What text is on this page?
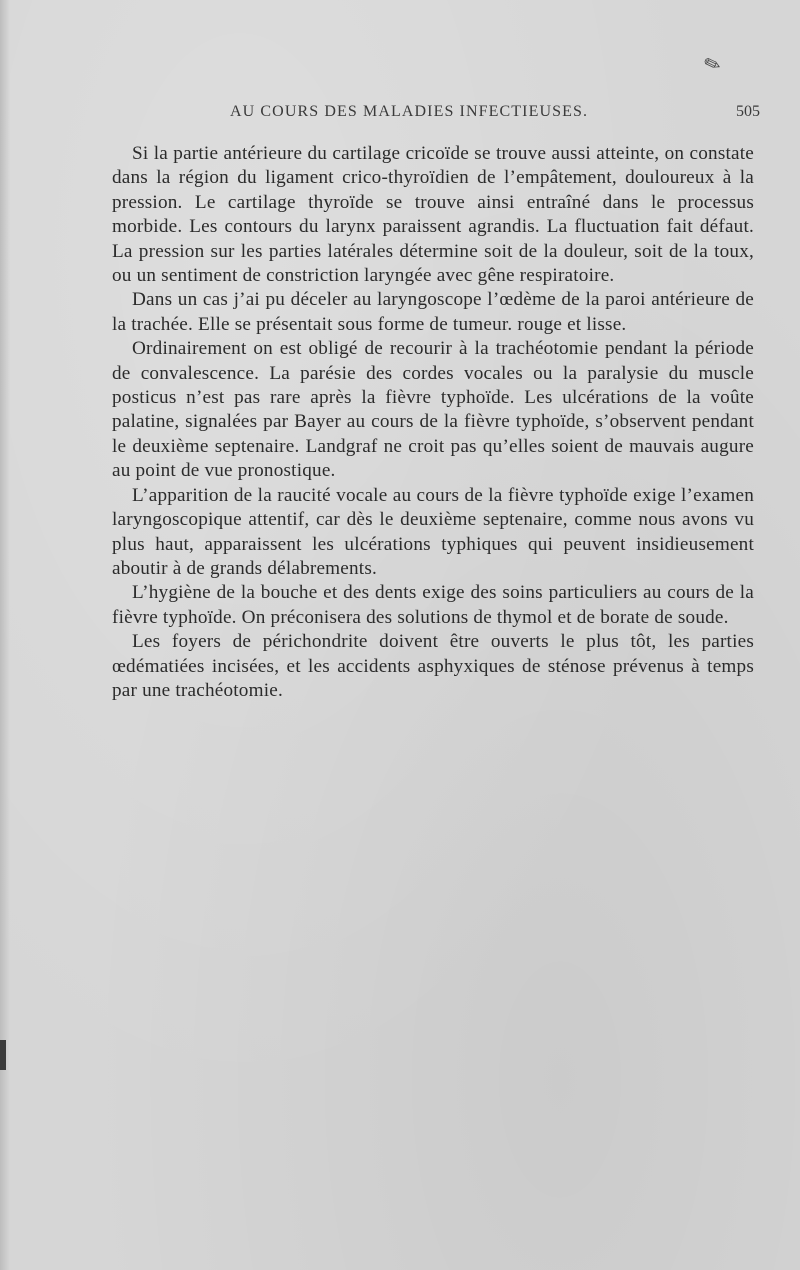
✎
AU COURS DES MALADIES INFECTIEUSES.	505

Si la partie antérieure du cartilage cricoïde se trouve aussi atteinte, on constate dans la région du ligament crico-thyroïdien de l’empâtement, douloureux à la pression. Le cartilage thyroïde se trouve ainsi entraîné dans le processus morbide. Les contours du larynx paraissent agrandis. La fluctuation fait défaut. La pression sur les parties latérales détermine soit de la douleur, soit de la toux, ou un sentiment de constriction laryngée avec gêne respiratoire.

Dans un cas j’ai pu déceler au laryngoscope l’œdème de la paroi antérieure de la trachée. Elle se présentait sous forme de tumeur. rouge et lisse.

Ordinairement on est obligé de recourir à la trachéotomie pendant la période de convalescence. La parésie des cordes vocales ou la paralysie du muscle posticus n’est pas rare après la fièvre typhoïde. Les ulcérations de la voûte palatine, signalées par Bayer au cours de la fièvre typhoïde, s’observent pendant le deuxième septenaire. Landgraf ne croit pas qu’elles soient de mauvais augure au point de vue pronostique.

L’apparition de la raucité vocale au cours de la fièvre typhoïde exige l’examen laryngoscopique attentif, car dès le deuxième septenaire, comme nous avons vu plus haut, apparaissent les ulcérations typhiques qui peuvent insidieusement aboutir à de grands délabrements.

L’hygiène de la bouche et des dents exige des soins particuliers au cours de la fièvre typhoïde. On préconisera des solutions de thymol et de borate de soude.

Les foyers de périchondrite doivent être ouverts le plus tôt, les parties œdématiées incisées, et les accidents asphyxiques de sténose prévenus à temps par une trachéotomie.
